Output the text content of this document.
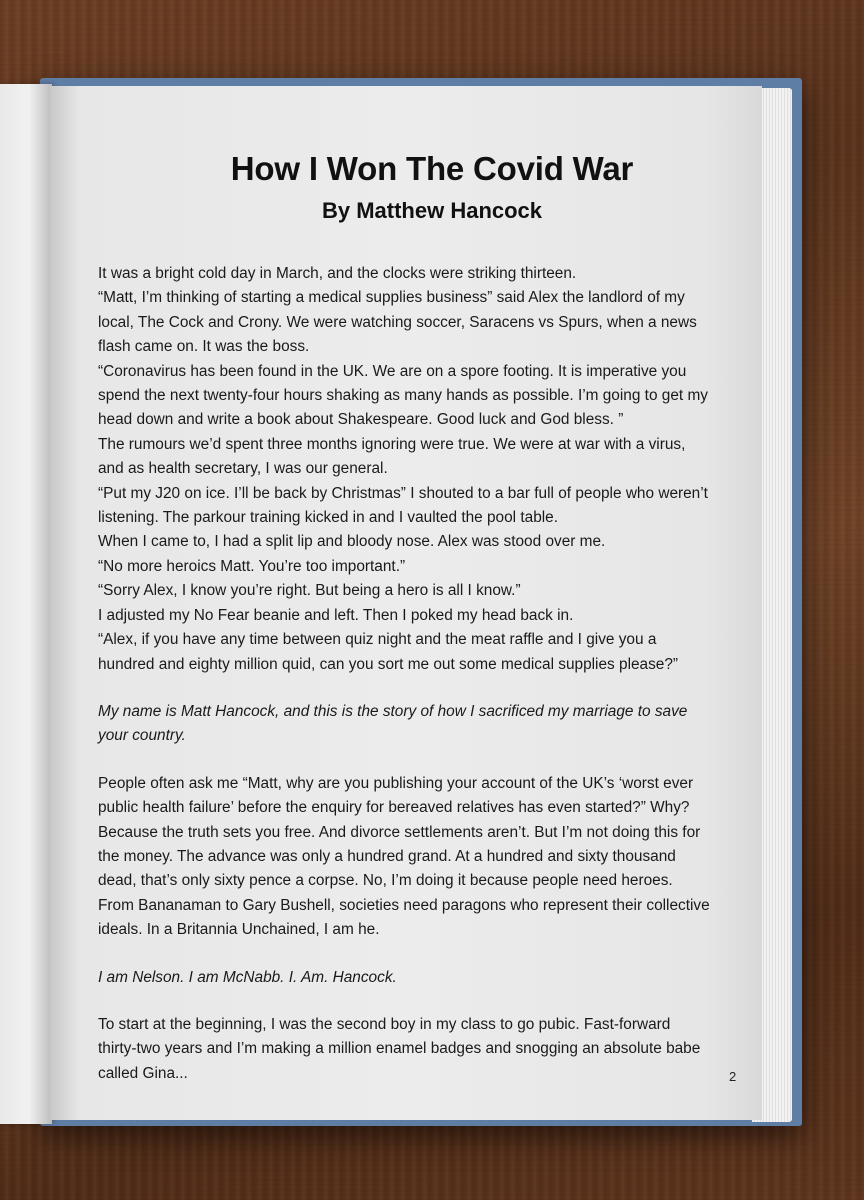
How I Won The Covid War
By Matthew Hancock

It was a bright cold day in March, and the clocks were striking thirteen.

“Matt, I’m thinking of starting a medical supplies business” said Alex the landlord of my local, The Cock and Crony. We were watching soccer, Saracens vs Spurs, when a news flash came on. It was the boss.

“Coronavirus has been found in the UK. We are on a spore footing. It is imperative you spend the next twenty-four hours shaking as many hands as possible. I’m going to get my head down and write a book about Shakespeare. Good luck and God bless. ”

The rumours we’d spent three months ignoring were true. We were at war with a virus, and as health secretary, I was our general.

“Put my J20 on ice. I’ll be back by Christmas” I shouted to a bar full of people who weren’t listening. The parkour training kicked in and I vaulted the pool table.

When I came to, I had a split lip and bloody nose. Alex was stood over me.

“No more heroics Matt. You’re too important.”

“Sorry Alex, I know you’re right. But being a hero is all I know.”

I adjusted my No Fear beanie and left. Then I poked my head back in.

“Alex, if you have any time between quiz night and the meat raffle and I give you a hundred and eighty million quid, can you sort me out some medical supplies please?”

My name is Matt Hancock, and this is the story of how I sacrificed my marriage to save your country.

People often ask me “Matt, why are you publishing your account of the UK’s ‘worst ever public health failure’ before the enquiry for bereaved relatives has even started?” Why? Because the truth sets you free. And divorce settlements aren’t. But I’m not doing this for the money. The advance was only a hundred grand. At a hundred and sixty thousand dead, that’s only sixty pence a corpse. No, I’m doing it because people need heroes. From Bananaman to Gary Bushell, societies need paragons who represent their collective ideals. In a Britannia Unchained, I am he.

I am Nelson. I am McNabb. I. Am. Hancock.

To start at the beginning, I was the second boy in my class to go pubic. Fast-forward thirty-two years and I’m making a million enamel badges and snogging an absolute babe called Gina...	2
